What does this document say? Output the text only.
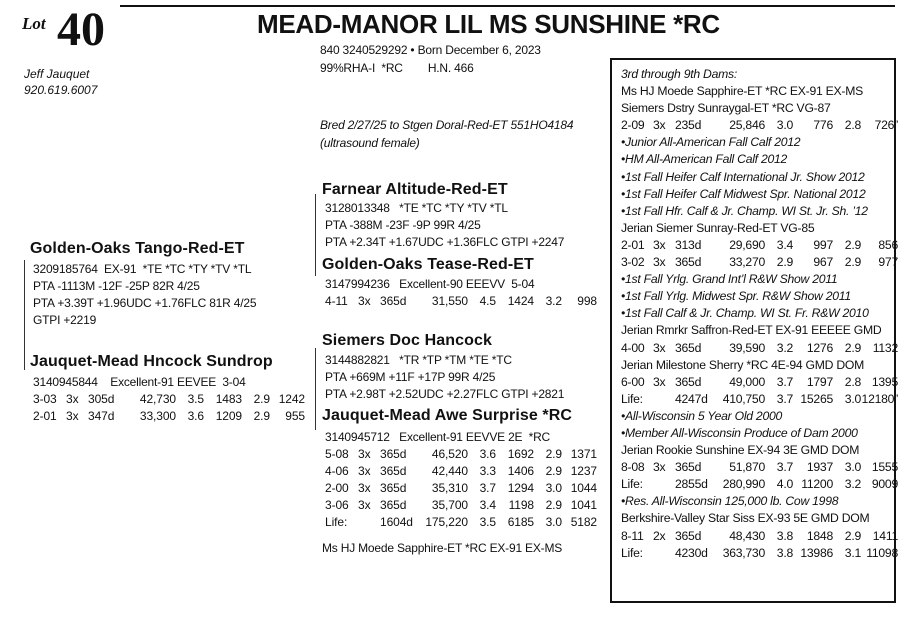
Lot 40	MEAD-MANOR LIL MS SUNSHINE *RC
Jeff Jauquet
920.619.6007
840 3240529292 • Born December 6, 2023
99%RHA-I  *RC        H.N. 466
Bred 2/27/25 to Stgen Doral-Red-ET 551HO4184
(ultrasound female)
Golden-Oaks Tango-Red-ET
3209185764  EX-91  *TE *TC *TY *TV *TL
PTA -1113M -12F -25P 82R 4/25
PTA +3.39T +1.96UDC +1.76FLC 81R 4/25
GTPI +2219
Jauquet-Mead Hncock Sundrop
3140945844    Excellent-91 EEVEE  3-04
3-03 3x 305d	42,730 3.5 1483 2.9 1242
2-01 3x 347d	33,300 3.6 1209 2.9	955
Farnear Altitude-Red-ET
3128013348   *TE *TC *TY *TV *TL
PTA -388M -23F -9P 99R 4/25
PTA +2.34T +1.67UDC +1.36FLC GTPI +2247
Golden-Oaks Tease-Red-ET
3147994236   Excellent-90 EEEVV  5-04
4-11 3x 365d	31,550 4.5 1424 3.2	998
Siemers Doc Hancock
3144882821   *TR *TP *TM *TE *TC
PTA +669M +11F +17P 99R 4/25
PTA +2.98T +2.52UDC +2.27FLC GTPI +2821
Jauquet-Mead Awe Surprise *RC
3140945712   Excellent-91 EEVVE 2E  *RC
5-08 3x 365d	46,520 3.6 1692 2.9 1371
4-06 3x 365d	42,440 3.3 1406 2.9 1237
2-00 3x 365d	35,310 3.7 1294 3.0 1044
3-06 3x 365d	35,700 3.4	1198 2.9 1041
Life:	1604d	175,220 3.5 6185 3.0 5182
Ms HJ Moede Sapphire-ET *RC EX-91 EX-MS
3rd through 9th Dams:
Ms HJ Moede Sapphire-ET *RC EX-91 EX-MS
Siemers Dstry Sunraygal-ET *RC VG-87
2-09 3x 235d	25,846 3.0	776 2.8	726”
•Junior All-American Fall Calf 2012
•HM All-American Fall Calf 2012
•1st Fall Heifer Calf International Jr. Show 2012
•1st Fall Heifer Calf Midwest Spr. National 2012
•1st Fall Hfr. Calf & Jr. Champ. WI St. Jr. Sh. ’12
Jerian Siemer Sunray-Red-ET VG-85
2-01 3x 313d	29,690 3.4	997 2.9	856
3-02 3x 365d	33,270 2.9	967 2.9	977
•1st Fall Yrlg. Grand Int’l R&W Show 2011
•1st Fall Yrlg. Midwest Spr. R&W Show 2011
•1st Fall Calf & Jr. Champ. WI St. Fr. R&W 2010
Jerian Rmrkr Saffron-Red-ET EX-91 EEEEE GMD
4-00 3x 365d	39,590 3.2	1276 2.9 1132
Jerian Milestone Sherry *RC 4E-94 GMD DOM
6-00 3x 365d	49,000 3.7	1797 2.8 1395
Life:	4247d	410,750 3.7 15265 3.0 12180”
•All-Wisconsin 5 Year Old 2000
•Member All-Wisconsin Produce of Dam 2000
Jerian Rookie Sunshine EX-94 3E GMD DOM
8-08 3x 365d	51,870 3.7	1937 3.0 1555
Life:	2855d	280,990 4.0 11200 3.2 9009
•Res. All-Wisconsin 125,000 lb. Cow 1998
Berkshire-Valley Star Siss EX-93 5E GMD DOM
8-11 2x 365d	48,430 3.8	1848 2.9 1411
Life:	4230d	363,730 3.8 13986 3.1 11098
